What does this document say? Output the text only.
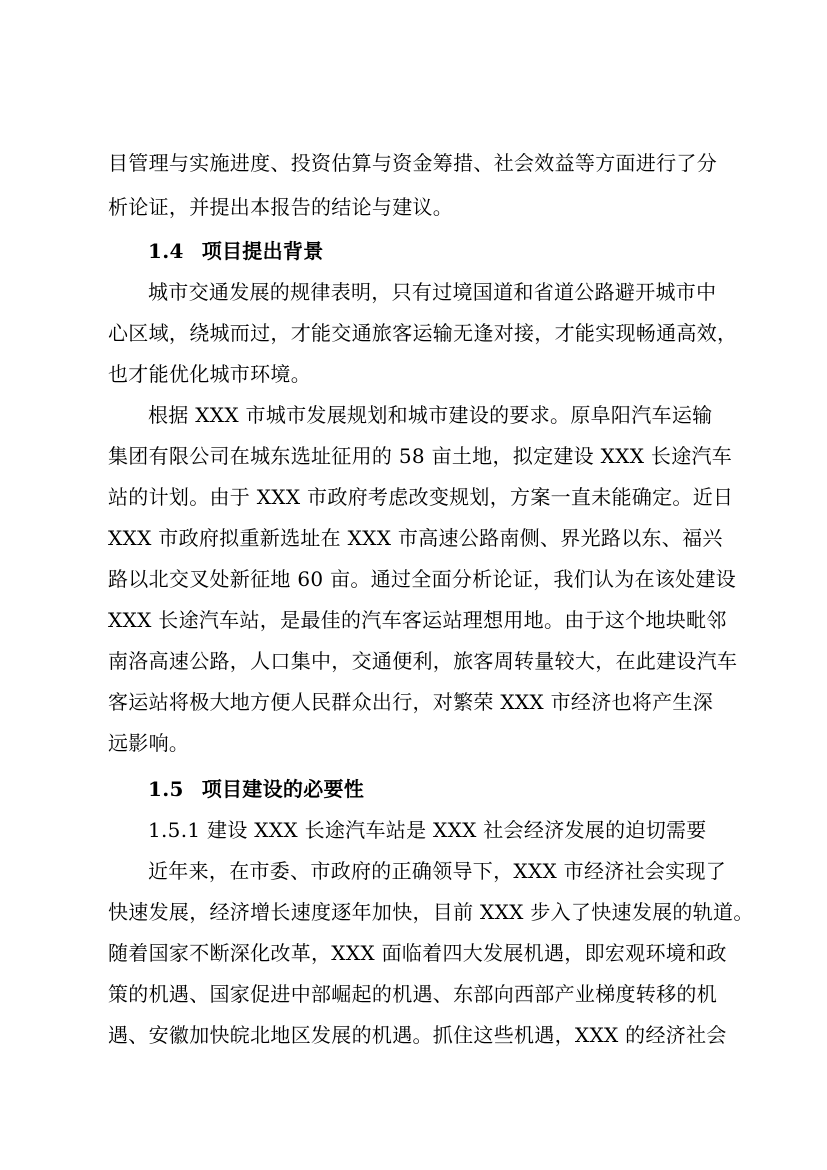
目管理与实施进度、投资估算与资金筹措、社会效益等方面进行了分
析论证，并提出本报告的结论与建议。
1.4 项目提出背景
城市交通发展的规律表明，只有过境国道和省道公路避开城市中
心区域，绕城而过，才能交通旅客运输无逢对接，才能实现畅通高效，
也才能优化城市环境。
根据 XXX 市城市发展规划和城市建设的要求。原阜阳汽车运输
集团有限公司在城东选址征用的 58 亩土地，拟定建设 XXX 长途汽车
站的计划。由于 XXX 市政府考虑改变规划，方案一直未能确定。近日
XXX 市政府拟重新选址在 XXX 市高速公路南侧、界光路以东、福兴
路以北交叉处新征地 60 亩。通过全面分析论证，我们认为在该处建设
XXX 长途汽车站，是最佳的汽车客运站理想用地。由于这个地块毗邻
南洛高速公路，人口集中，交通便利，旅客周转量较大，在此建设汽车
客运站将极大地方便人民群众出行，对繁荣 XXX 市经济也将产生深
远影响。
1.5 项目建设的必要性
1.5.1 建设 XXX 长途汽车站是 XXX 社会经济发展的迫切需要
近年来，在市委、市政府的正确领导下，XXX 市经济社会实现了
快速发展，经济增长速度逐年加快，目前 XXX 步入了快速发展的轨道。
随着国家不断深化改革，XXX 面临着四大发展机遇，即宏观环境和政
策的机遇、国家促进中部崛起的机遇、东部向西部产业梯度转移的机
遇、安徽加快皖北地区发展的机遇。抓住这些机遇，XXX 的经济社会
